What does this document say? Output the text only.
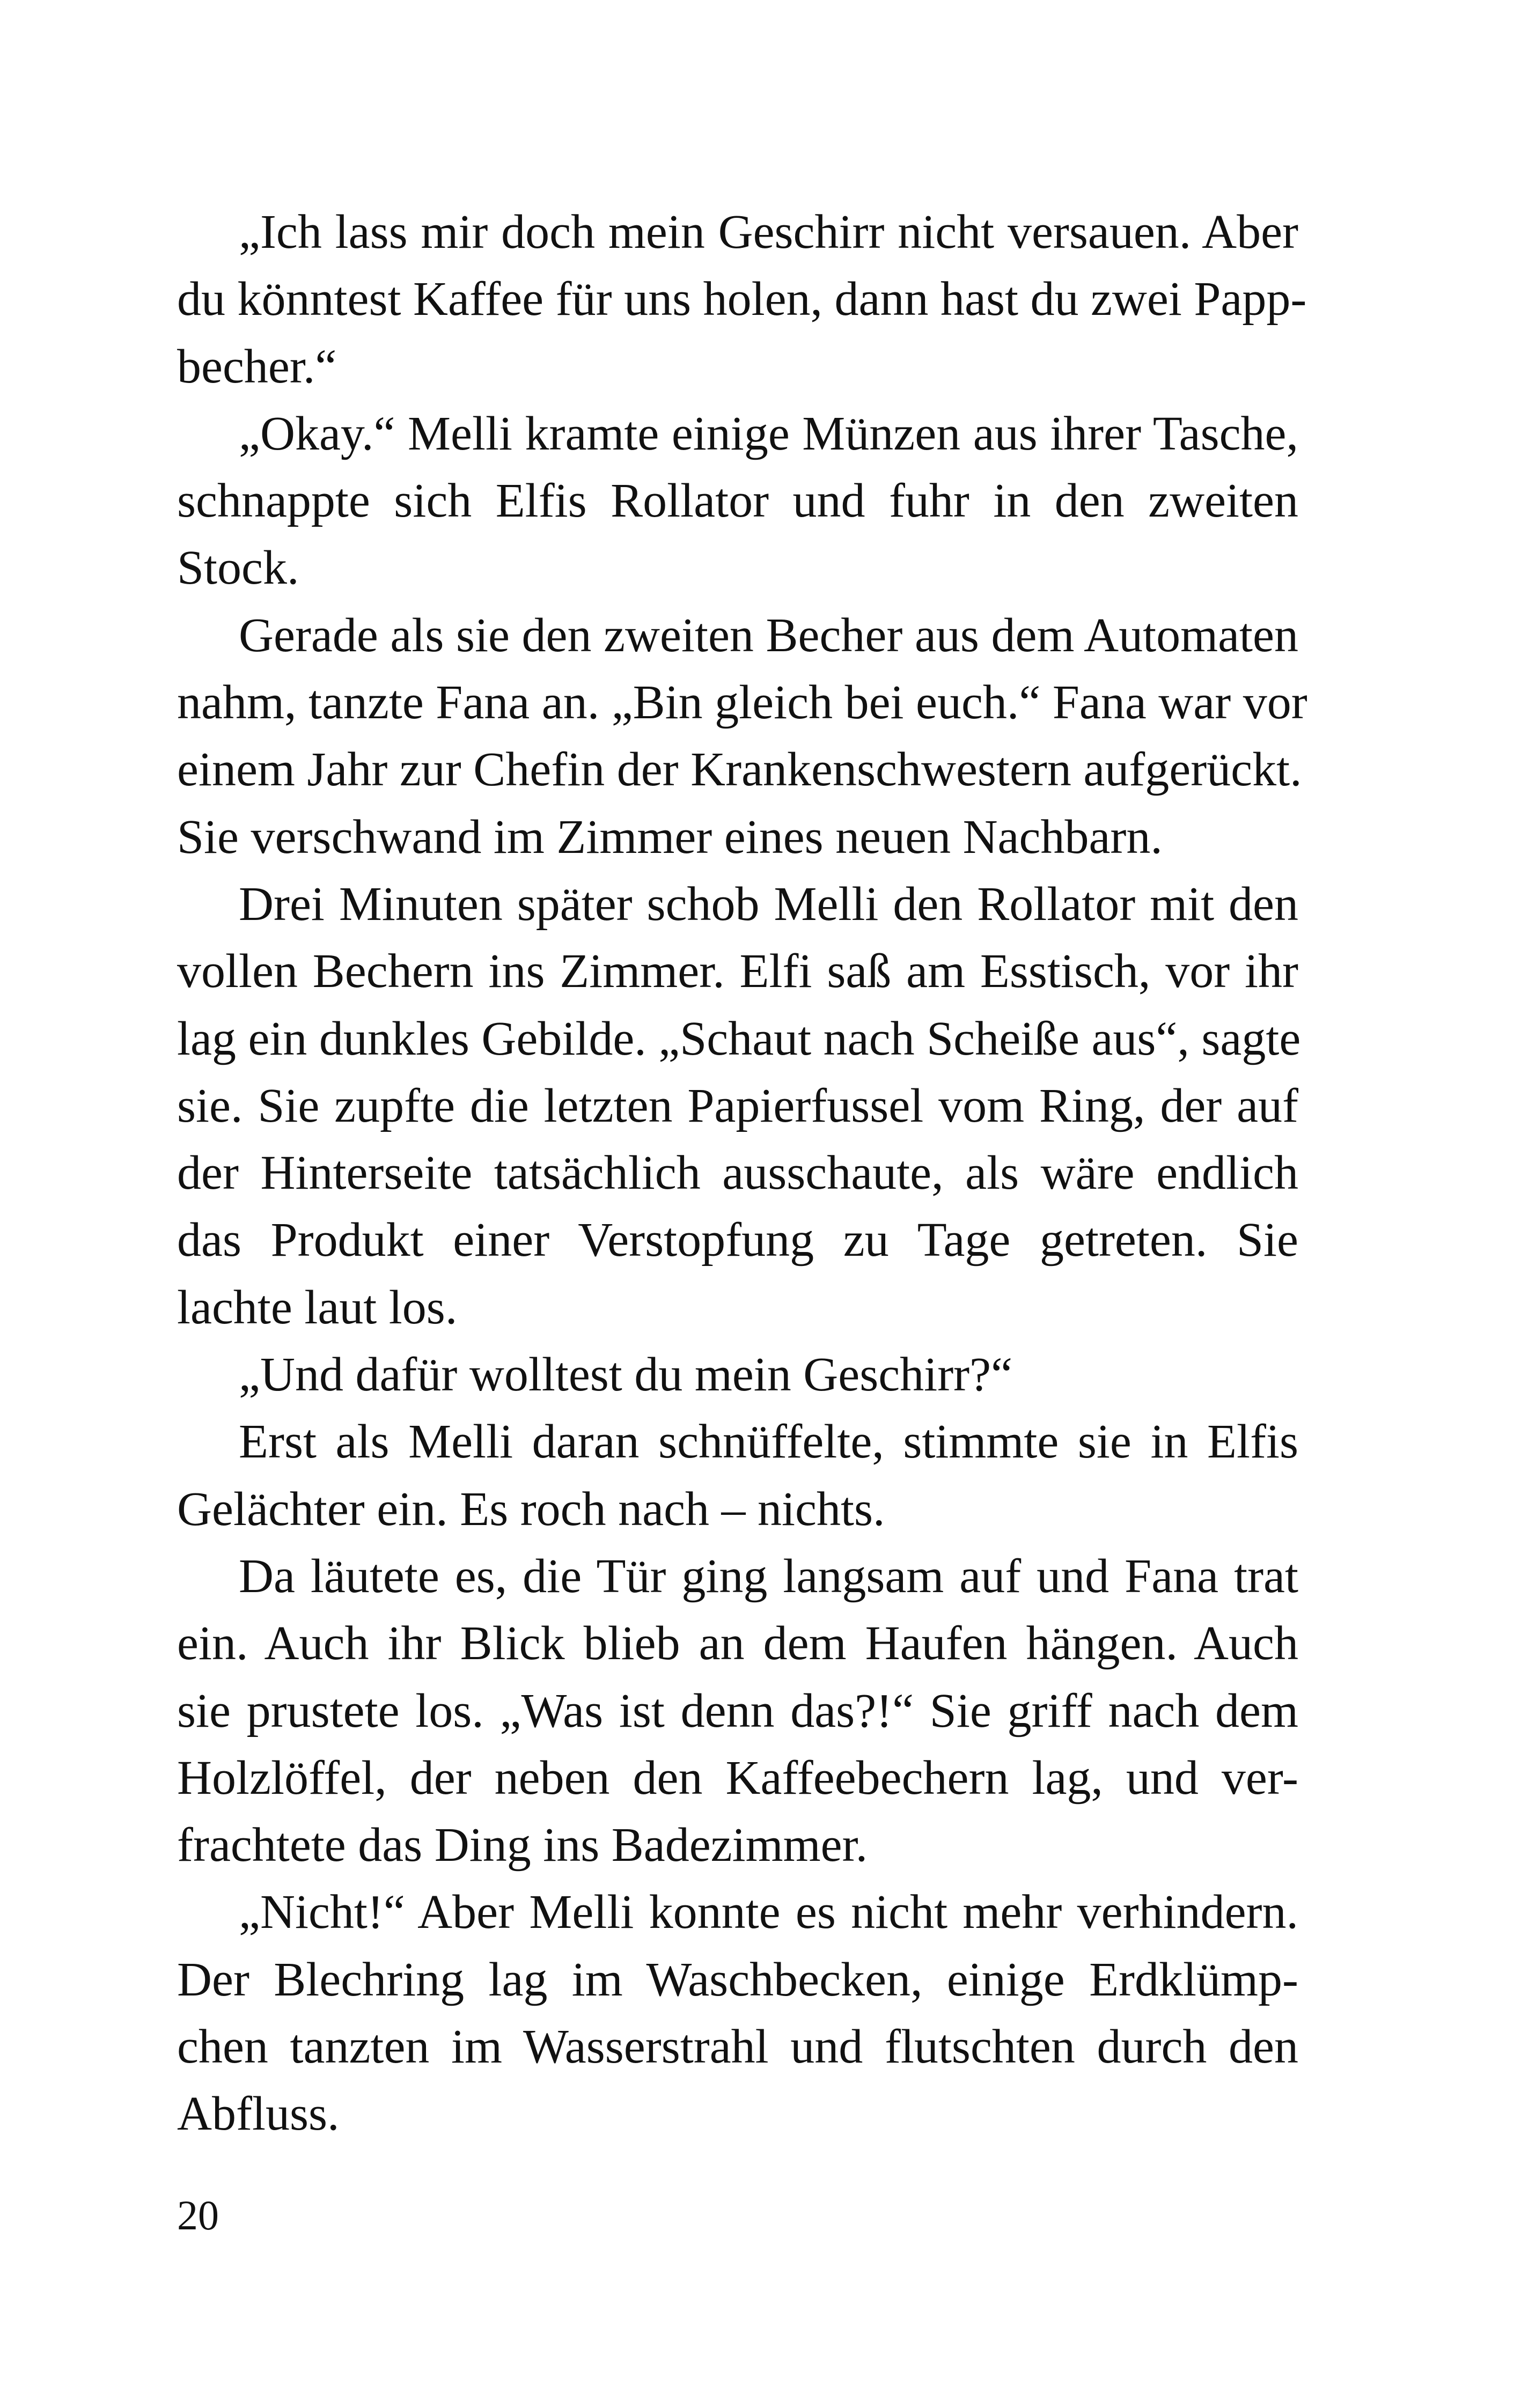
„Ich lass mir doch mein Geschirr nicht versauen. Aber
du könntest Kaffee für uns holen, dann hast du zwei Papp-
becher.“
„Okay.“ Melli kramte einige Münzen aus ihrer Tasche,
schnappte sich Elfis Rollator und fuhr in den zweiten
Stock.
Gerade als sie den zweiten Becher aus dem Automaten
nahm, tanzte Fana an. „Bin gleich bei euch.“ Fana war vor
einem Jahr zur Chefin der Krankenschwestern aufgerückt.
Sie verschwand im Zimmer eines neuen Nachbarn.
Drei Minuten später schob Melli den Rollator mit den
vollen Bechern ins Zimmer. Elfi saß am Esstisch, vor ihr
lag ein dunkles Gebilde. „Schaut nach Scheiße aus“, sagte
sie. Sie zupfte die letzten Papierfussel vom Ring, der auf
der Hinterseite tatsächlich ausschaute, als wäre endlich
das Produkt einer Verstopfung zu Tage getreten. Sie
lachte laut los.
„Und dafür wolltest du mein Geschirr?“
Erst als Melli daran schnüffelte, stimmte sie in Elfis
Gelächter ein. Es roch nach – nichts.
Da läutete es, die Tür ging langsam auf und Fana trat
ein. Auch ihr Blick blieb an dem Haufen hängen. Auch
sie prustete los. „Was ist denn das?!“ Sie griff nach dem
Holzlöffel, der neben den Kaffeebechern lag, und ver-
frachtete das Ding ins Badezimmer.
„Nicht!“ Aber Melli konnte es nicht mehr verhindern.
Der Blechring lag im Waschbecken, einige Erdklümp-
chen tanzten im Wasserstrahl und flutschten durch den
Abfluss.
20
